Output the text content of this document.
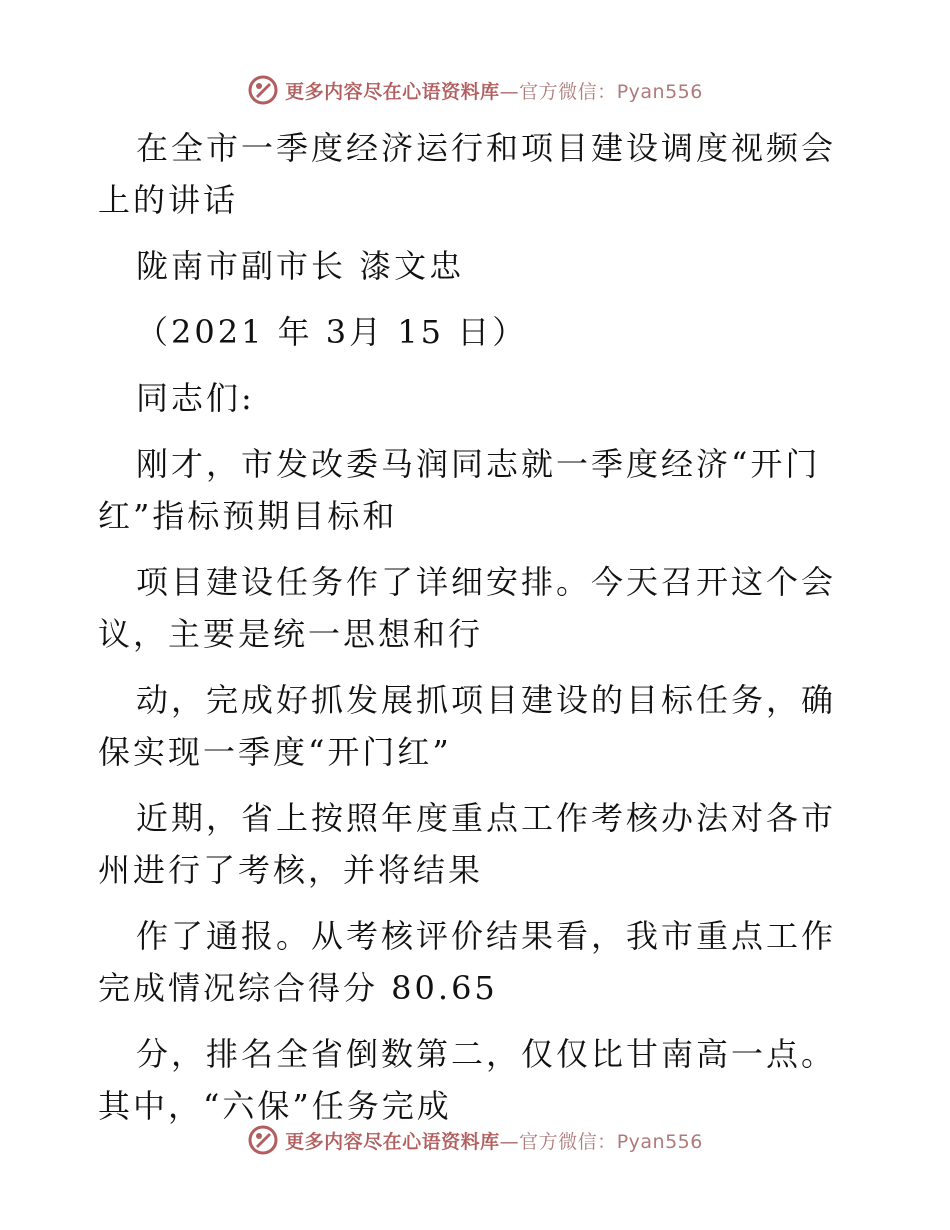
更多内容尽在心语资料库—官方微信：Pyan556

在全市一季度经济运行和项目建设调度视频会上的讲话

陇南市副市长 漆文忠

（2021 年 3月 15 日）

同志们:

刚才，市发改委马润同志就一季度经济“开门红”指标预期目标和

项目建设任务作了详细安排。今天召开这个会议，主要是统一思想和行

动，完成好抓发展抓项目建设的目标任务，确保实现一季度“开门红”

近期，省上按照年度重点工作考核办法对各市州进行了考核，并将结果

作了通报。从考核评价结果看，我市重点工作完成情况综合得分 80.65

分，排名全省倒数第二，仅仅比甘南高一点。其中，“六保”任务完成

更多内容尽在心语资料库—官方微信：Pyan556
